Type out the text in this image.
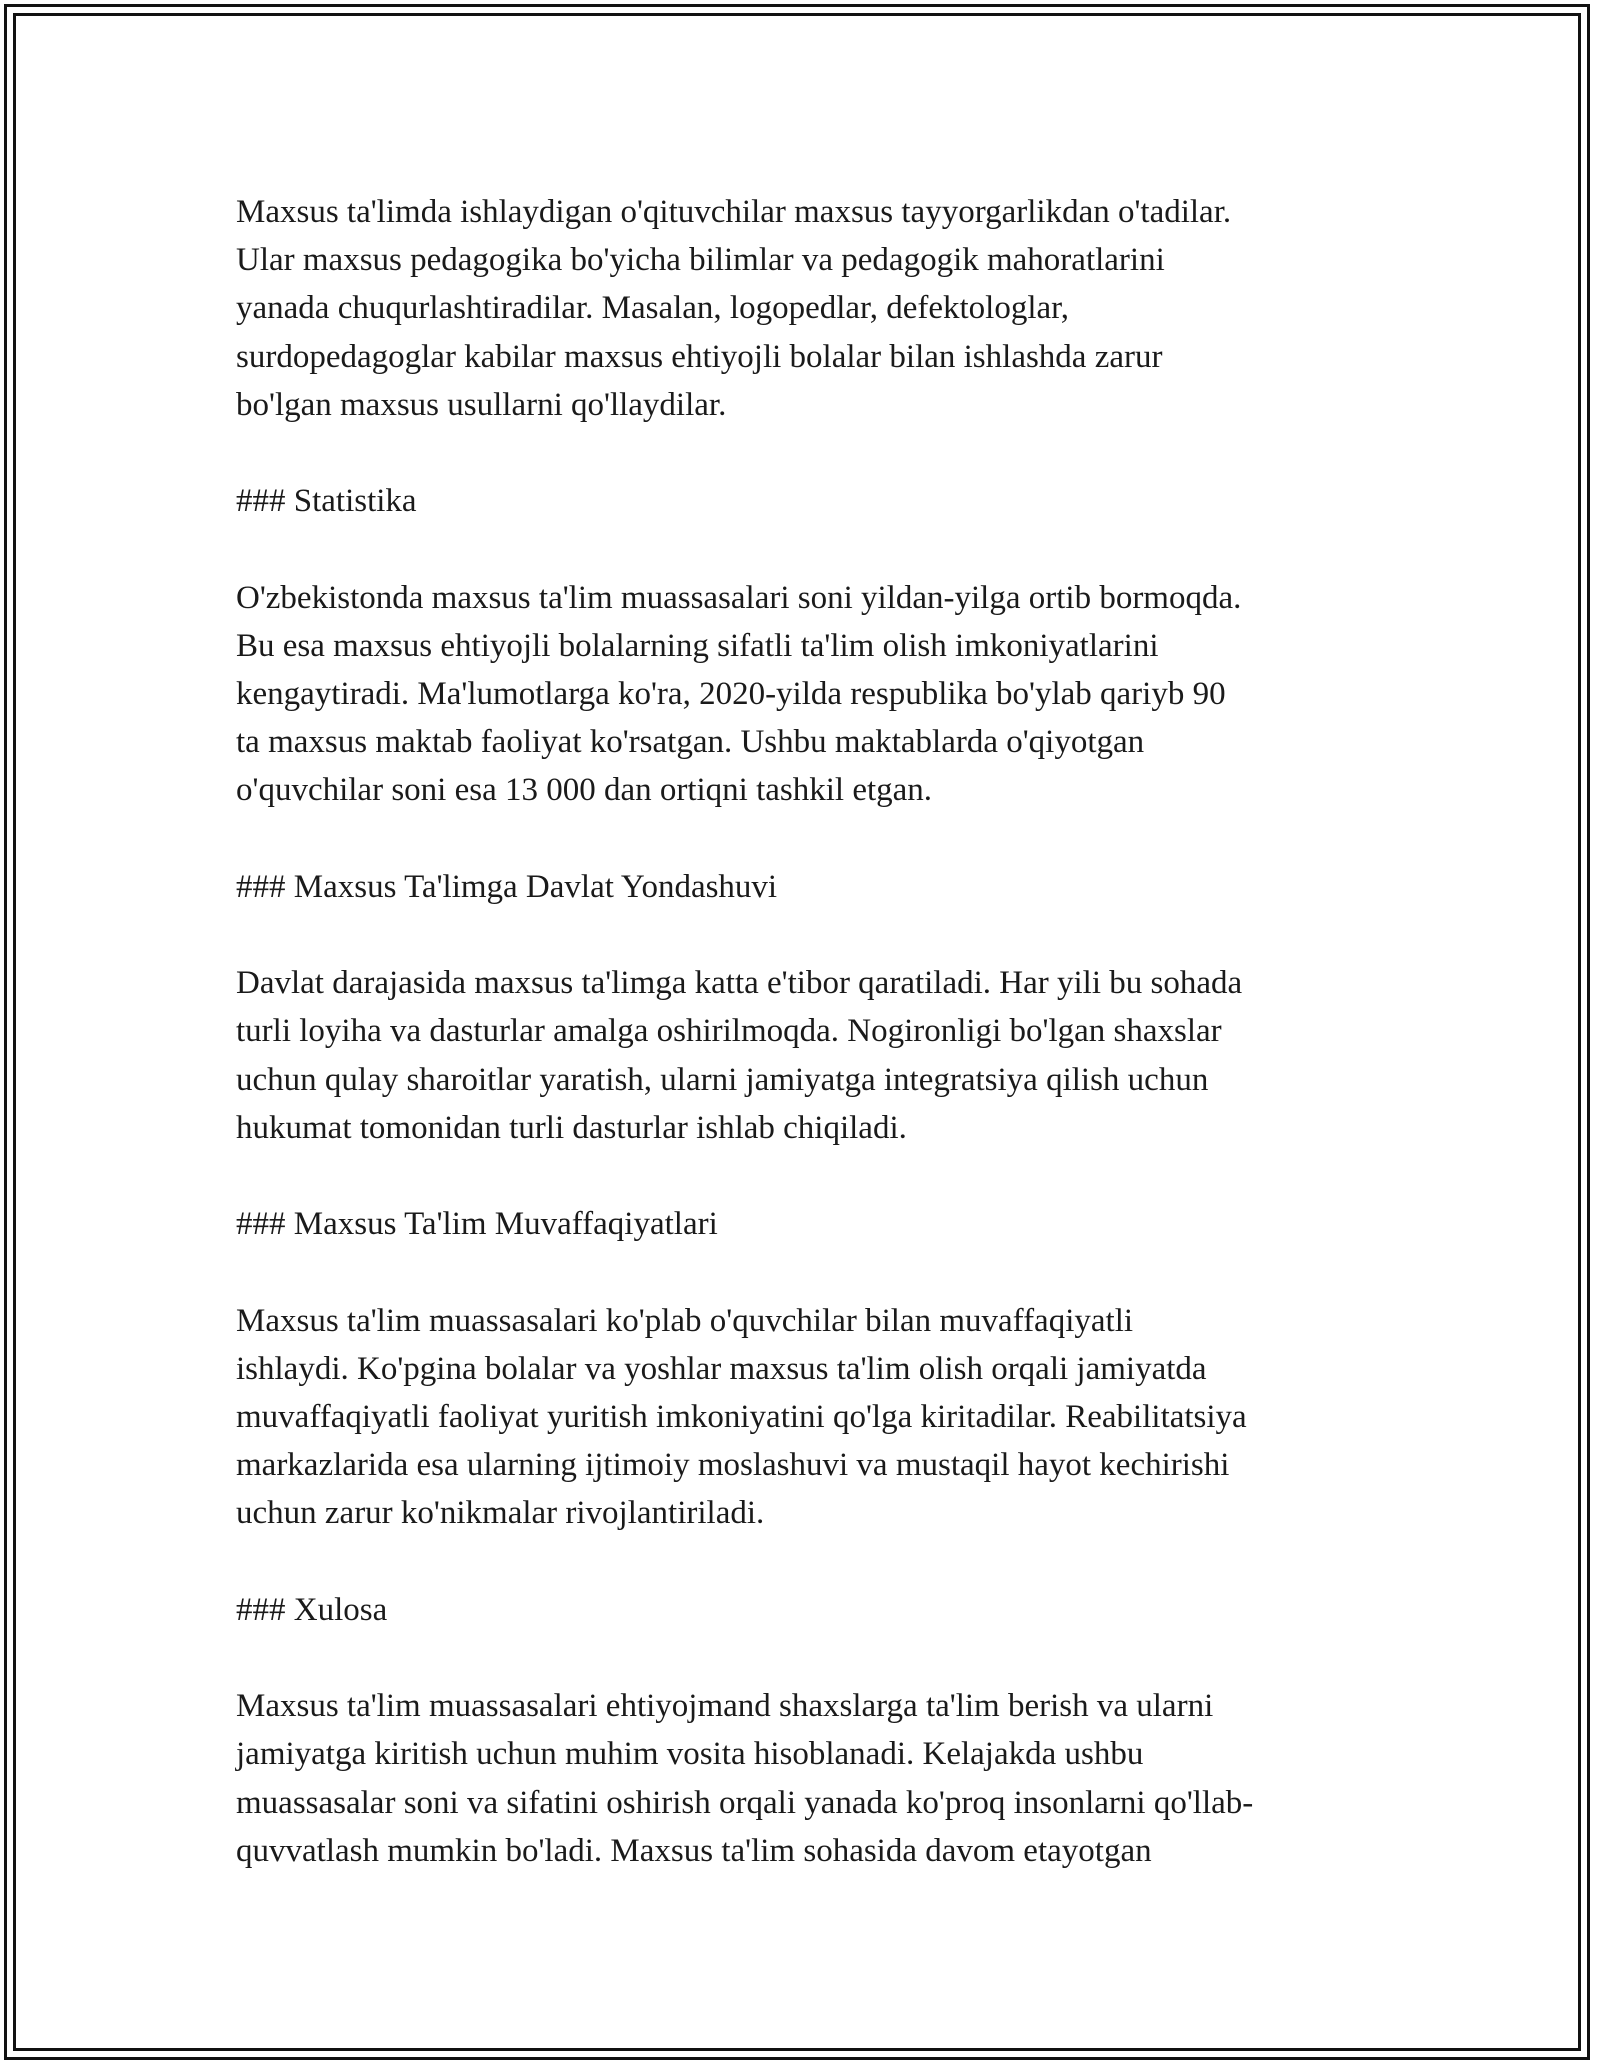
Maxsus ta'limda ishlaydigan o'qituvchilar maxsus tayyorgarlikdan o'tadilar.
Ular maxsus pedagogika bo'yicha bilimlar va pedagogik mahoratlarini
yanada chuqurlashtiradilar. Masalan, logopedlar, defektologlar,
surdopedagoglar kabilar maxsus ehtiyojli bolalar bilan ishlashda zarur
bo'lgan maxsus usullarni qo'llaydilar.

### Statistika

O'zbekistonda maxsus ta'lim muassasalari soni yildan-yilga ortib bormoqda.
Bu esa maxsus ehtiyojli bolalarning sifatli ta'lim olish imkoniyatlarini
kengaytiradi. Ma'lumotlarga ko'ra, 2020-yilda respublika bo'ylab qariyb 90
ta maxsus maktab faoliyat ko'rsatgan. Ushbu maktablarda o'qiyotgan
o'quvchilar soni esa 13 000 dan ortiqni tashkil etgan.

### Maxsus Ta'limga Davlat Yondashuvi

Davlat darajasida maxsus ta'limga katta e'tibor qaratiladi. Har yili bu sohada
turli loyiha va dasturlar amalga oshirilmoqda. Nogironligi bo'lgan shaxslar
uchun qulay sharoitlar yaratish, ularni jamiyatga integratsiya qilish uchun
hukumat tomonidan turli dasturlar ishlab chiqiladi.

### Maxsus Ta'lim Muvaffaqiyatlari

Maxsus ta'lim muassasalari ko'plab o'quvchilar bilan muvaffaqiyatli
ishlaydi. Ko'pgina bolalar va yoshlar maxsus ta'lim olish orqali jamiyatda
muvaffaqiyatli faoliyat yuritish imkoniyatini qo'lga kiritadilar. Reabilitatsiya
markazlarida esa ularning ijtimoiy moslashuvi va mustaqil hayot kechirishi
uchun zarur ko'nikmalar rivojlantiriladi.

### Xulosa

Maxsus ta'lim muassasalari ehtiyojmand shaxslarga ta'lim berish va ularni
jamiyatga kiritish uchun muhim vosita hisoblanadi. Kelajakda ushbu
muassasalar soni va sifatini oshirish orqali yanada ko'proq insonlarni qo'llab-
quvvatlash mumkin bo'ladi. Maxsus ta'lim sohasida davom etayotgan
